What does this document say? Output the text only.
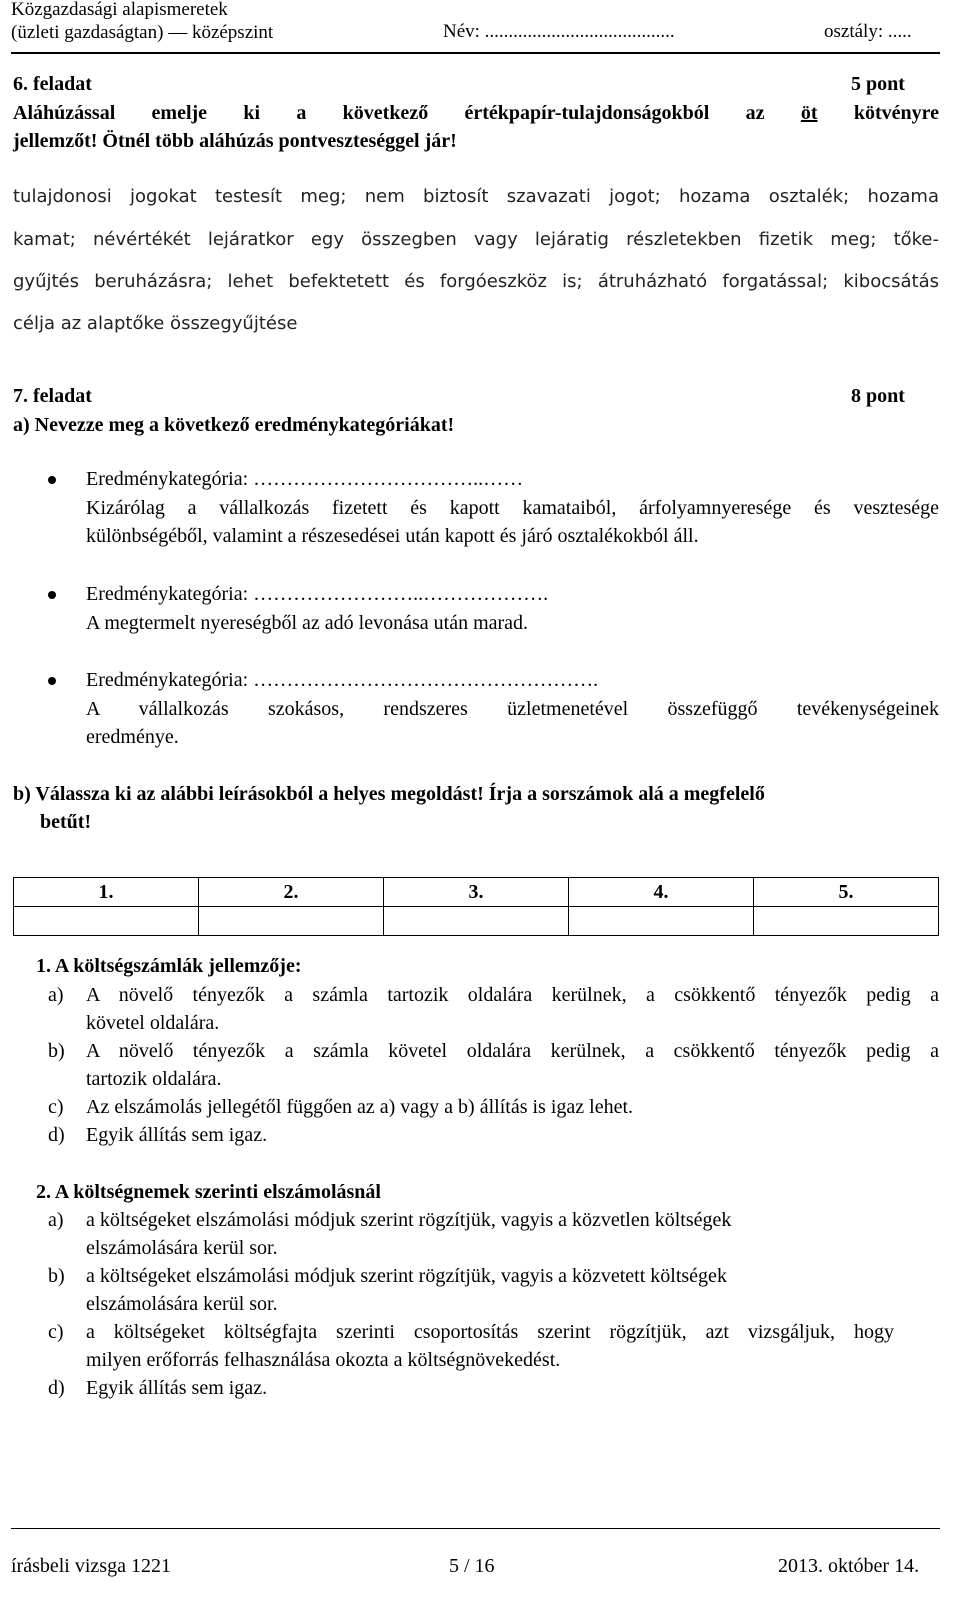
Közgazdasági alapismeretek
(üzleti gazdaságtan) — középszint	Név: ........................................	osztály: .....
6. feladat	5 pont
Aláhúzással emelje ki a következő értékpapír-tulajdonságokból az öt kötvényre
jellemzőt! Ötnél több aláhúzás pontveszteséggel jár!
tulajdonosi jogokat testesít meg; nem biztosít szavazati jogot; hozama osztalék; hozama
kamat; névértékét lejáratkor egy összegben vagy lejáratig részletekben fizetik meg; tőke-
gyűjtés beruházásra; lehet befektetett és forgóeszköz is; átruházható forgatással; kibocsátás
célja az alaptőke összegyűjtése
7. feladat	8 pont
a) Nevezze meg a következő eredménykategóriákat!
Eredménykategória: ……………………………..……
Kizárólag a vállalkozás fizetett és kapott kamataiból, árfolyamnyeresége és vesztesége
különbségéből, valamint a részesedései után kapott és járó osztalékokból áll.
Eredménykategória: ……………………..……………….
A megtermelt nyereségből az adó levonása után marad.
Eredménykategória: …………………………………………….
A vállalkozás szokásos, rendszeres üzletmenetével összefüggő tevékenységeinek
eredménye.
b) Válassza ki az alábbi leírásokból a helyes megoldást! Írja a sorszámok alá a megfelelő
betűt!
1.	2.	3.	4.	5.

1. A költségszámlák jellemzője:
a) A növelő tényezők a számla tartozik oldalára kerülnek, a csökkentő tényezők pedig a
követel oldalára.
b) A növelő tényezők a számla követel oldalára kerülnek, a csökkentő tényezők pedig a
tartozik oldalára.
c) Az elszámolás jellegétől függően az a) vagy a b) állítás is igaz lehet.
d) Egyik állítás sem igaz.
2. A költségnemek szerinti elszámolásnál
a) a költségeket elszámolási módjuk szerint rögzítjük, vagyis a közvetlen költségek
elszámolására kerül sor.
b) a költségeket elszámolási módjuk szerint rögzítjük, vagyis a közvetett költségek
elszámolására kerül sor.
c) a költségeket költségfajta szerinti csoportosítás szerint rögzítjük, azt vizsgáljuk, hogy
milyen erőforrás felhasználása okozta a költségnövekedést.
d) Egyik állítás sem igaz.
írásbeli vizsga 1221	5 / 16	2013. október 14.
